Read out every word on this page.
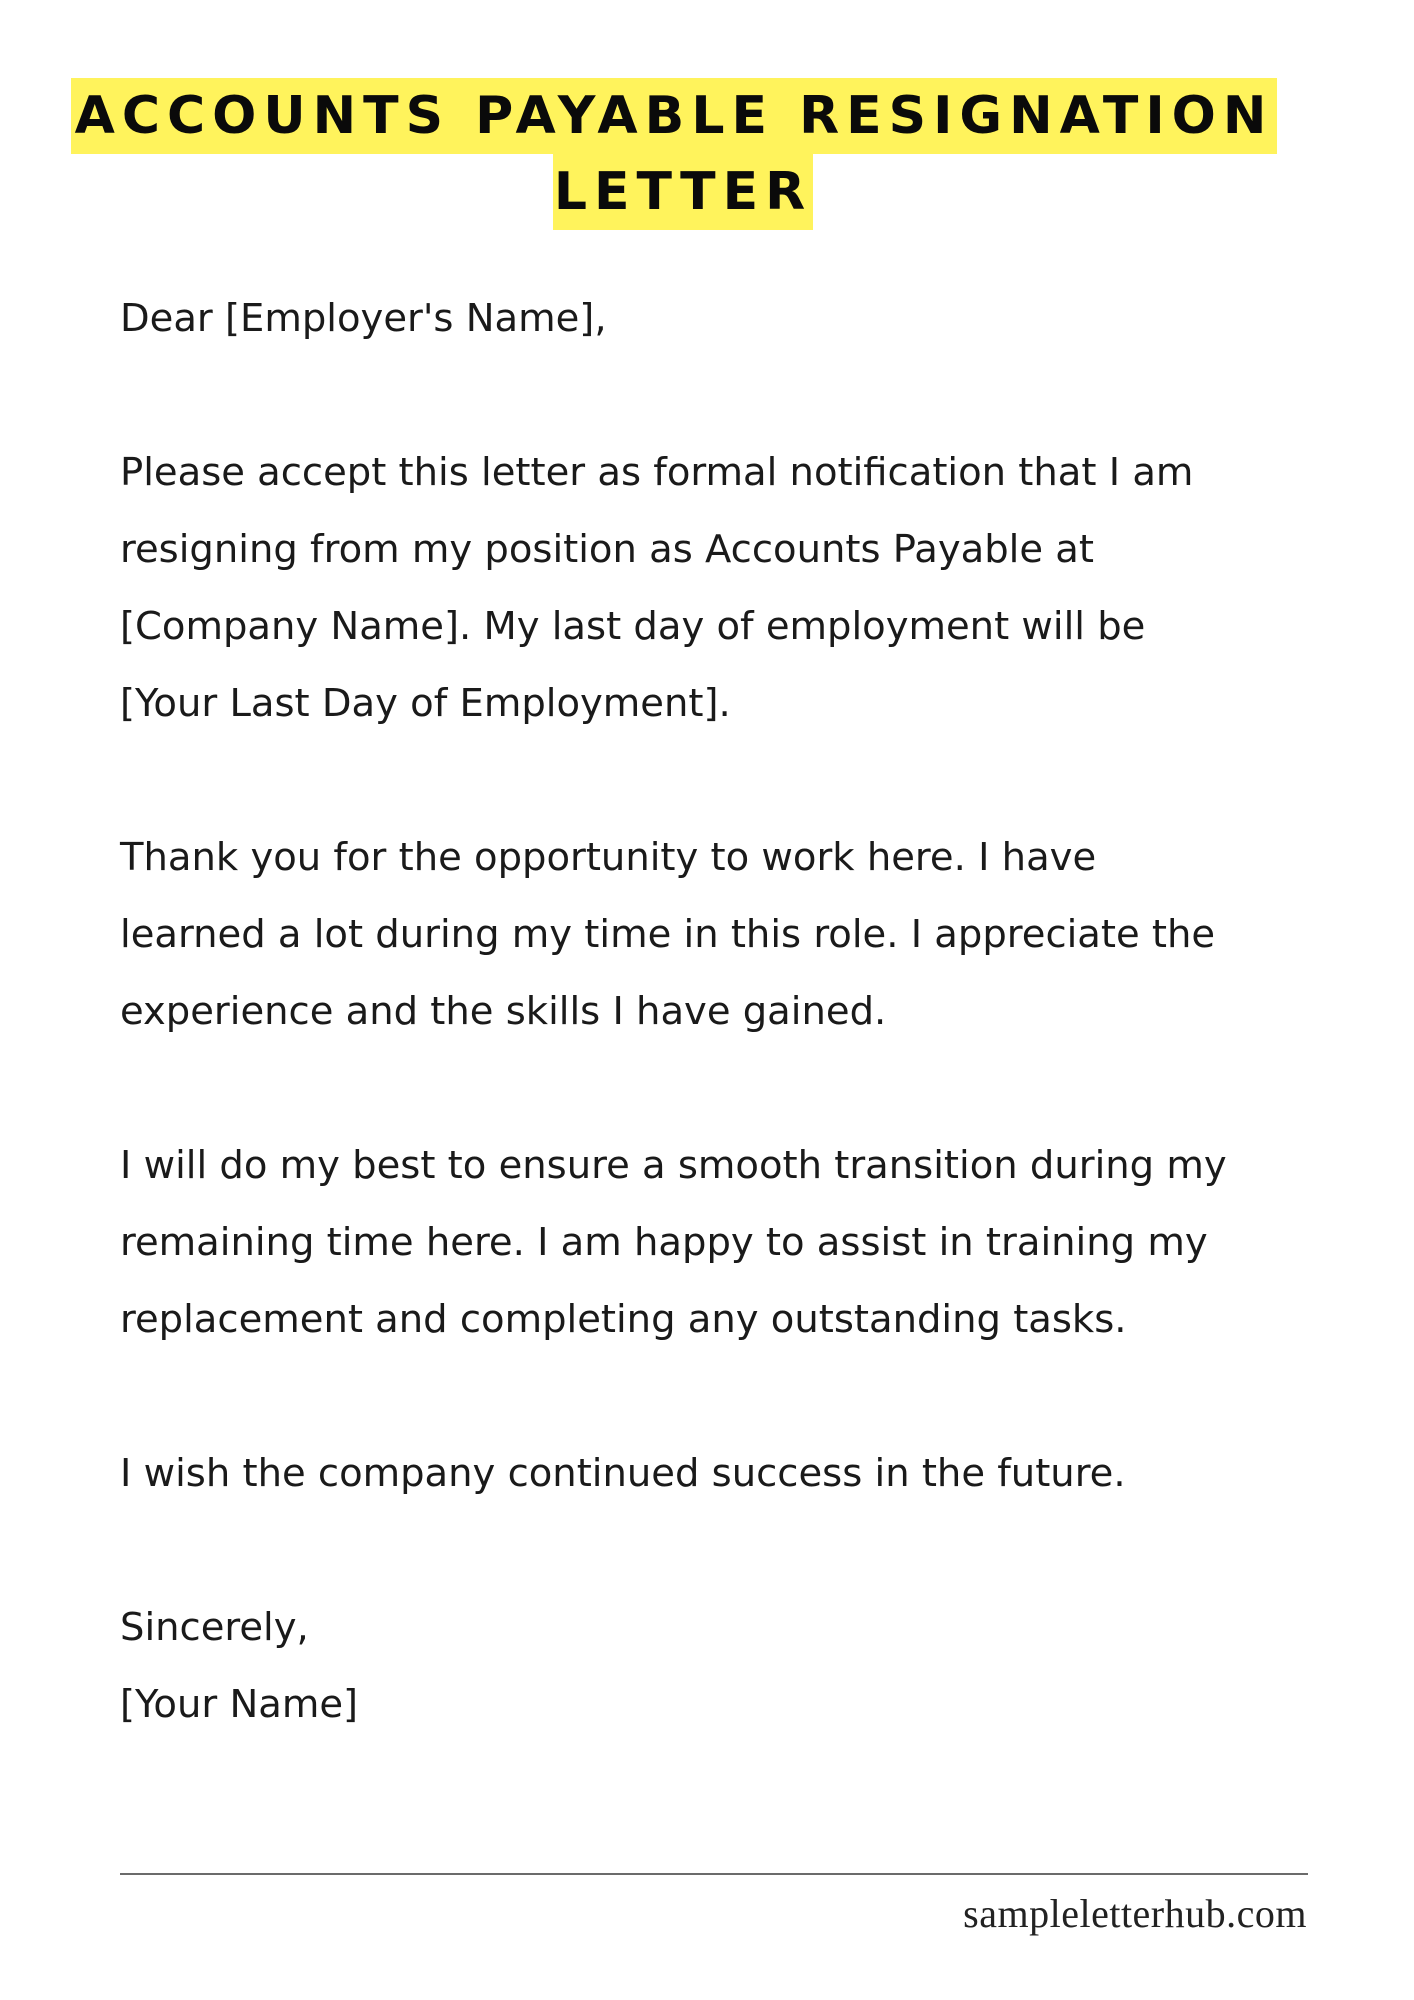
ACCOUNTS PAYABLE RESIGNATION
LETTER

Dear [Employer's Name],

Please accept this letter as formal notification that I am

resigning from my position as Accounts Payable at

[Company Name]. My last day of employment will be

[Your Last Day of Employment].

Thank you for the opportunity to work here. I have

learned a lot during my time in this role. I appreciate the

experience and the skills I have gained.

I will do my best to ensure a smooth transition during my

remaining time here. I am happy to assist in training my

replacement and completing any outstanding tasks.

I wish the company continued success in the future.

Sincerely,

[Your Name]

sampleletterhub.com
